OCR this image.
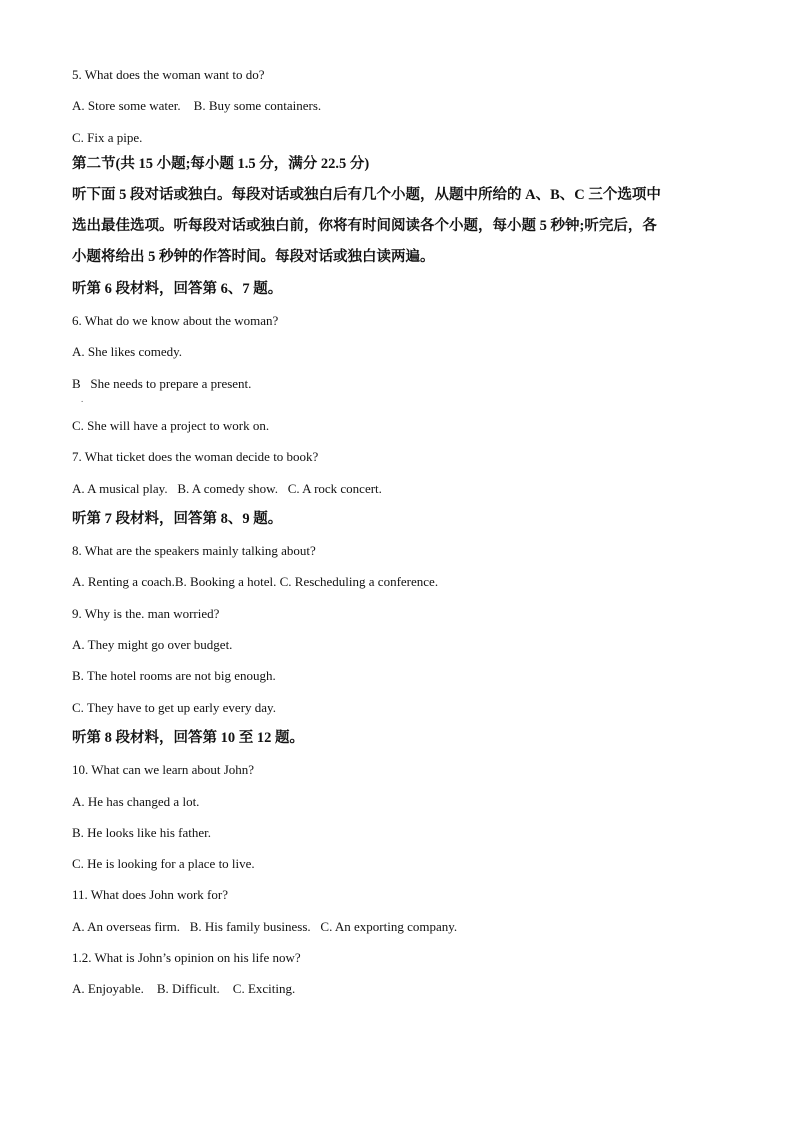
5. What does the woman want to do?
A. Store some water.    B. Buy some containers.
C. Fix a pipe.
第二节(共 15 小题;每小题 1.5 分，满分 22.5 分)
听下面 5 段对话或独白。每段对话或独白后有几个小题，从题中所给的 A、B、C 三个选项中
选出最佳选项。听每段对话或独白前，你将有时间阅读各个小题，每小题 5 秒钟;听完后，各
小题将给出 5 秒钟的作答时间。每段对话或独白读两遍。
听第 6 段材料，回答第 6、7 题。
6. What do we know about the woman?
A. She likes comedy.
B   She needs to prepare a present.
.
C. She will have a project to work on.
7. What ticket does the woman decide to book?
A. A musical play.   B. A comedy show.   C. A rock concert.
听第 7 段材料，回答第 8、9 题。
8. What are the speakers mainly talking about?
A. Renting a coach.B. Booking a hotel. C. Rescheduling a conference.
9. Why is the. man worried?
A. They might go over budget.
B. The hotel rooms are not big enough.
C. They have to get up early every day.
听第 8 段材料，回答第 10 至 12 题。
10. What can we learn about John?
A. He has changed a lot.
B. He looks like his father.
C. He is looking for a place to live.
11. What does John work for?
A. An overseas firm.   B. His family business.   C. An exporting company.
1.2. What is John’s opinion on his life now?
A. Enjoyable.    B. Difficult.    C. Exciting.
